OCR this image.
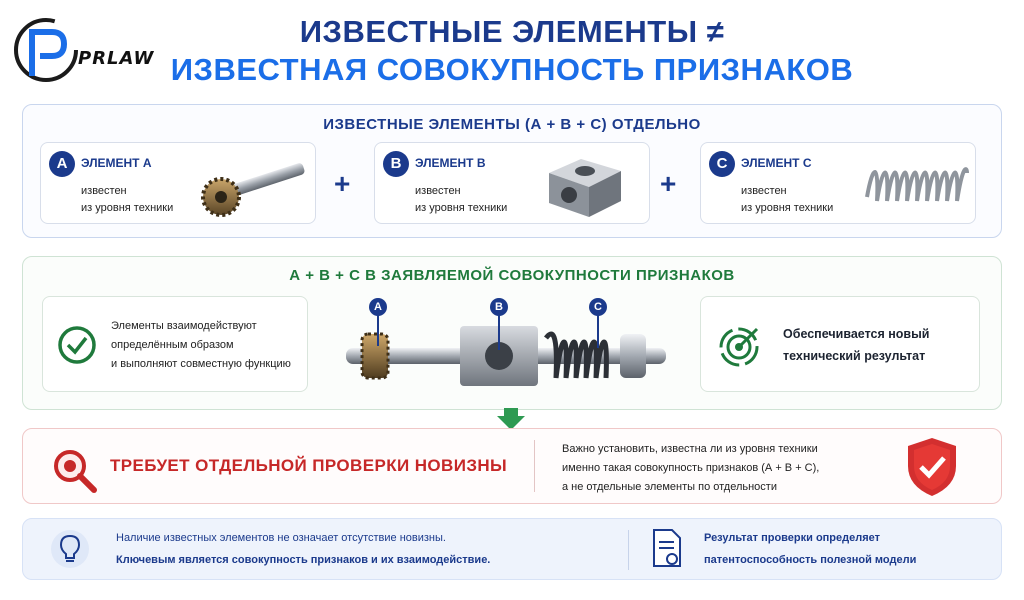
PRLAW
ИЗВЕСТНЫЕ ЭЛЕМЕНТЫ ≠
ИЗВЕСТНАЯ СОВОКУПНОСТЬ ПРИЗНАКОВ
ИЗВЕСТНЫЕ ЭЛЕМЕНТЫ (А + В + С) ОТДЕЛЬНО
A	ЭЛЕМЕНТ А
известен
из уровня техники
+
B	ЭЛЕМЕНТ В
известен
из уровня техники
+
C	ЭЛЕМЕНТ С
известен
из уровня техники
А + В + С В ЗАЯВЛЯЕМОЙ СОВОКУПНОСТИ ПРИЗНАКОВ
Элементы взаимодействуют
определённым образом
и выполняют совместную функцию
A	B	C
Обеспечивается новый
технический результат
ТРЕБУЕТ ОТДЕЛЬНОЙ ПРОВЕРКИ НОВИЗНЫ
Важно установить, известна ли из уровня техники
именно такая совокупность признаков (А + В + С),
а не отдельные элементы по отдельности
Наличие известных элементов не означает отсутствие новизны.
Ключевым является совокупность признаков и их взаимодействие.
Результат проверки определяет
патентоспособность полезной модели
